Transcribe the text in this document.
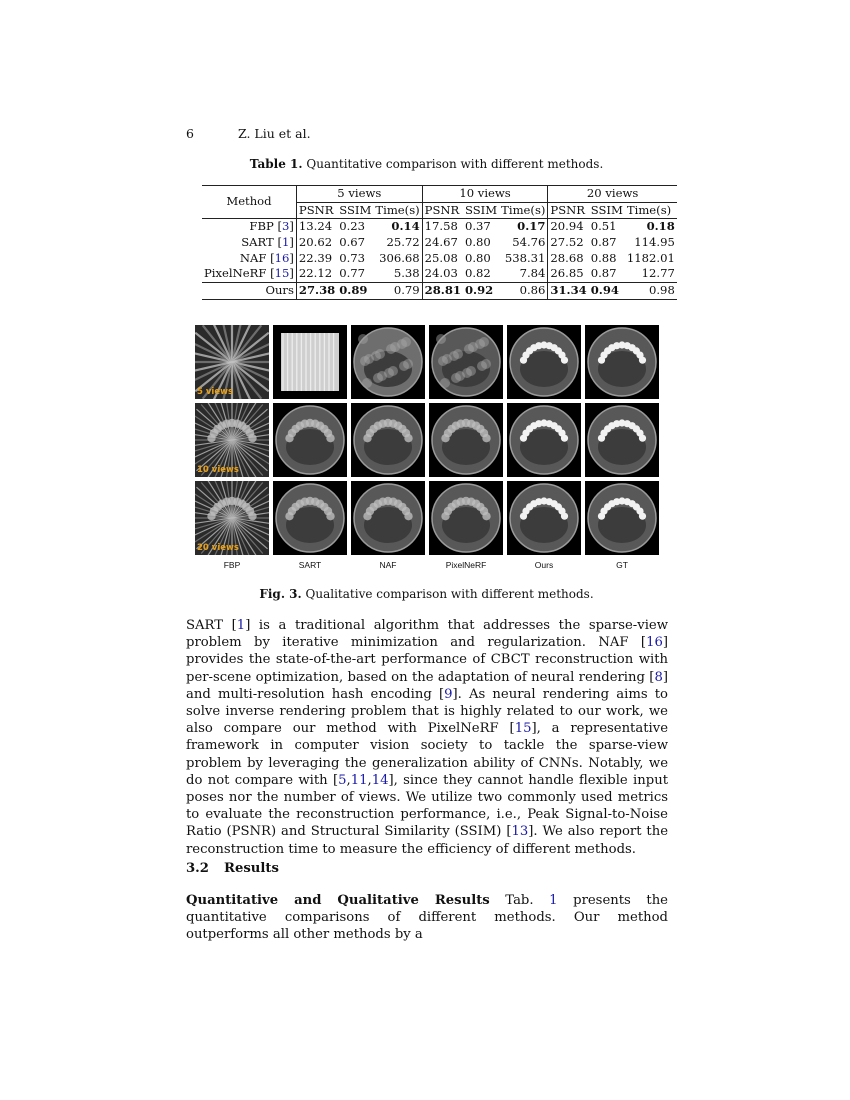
6	Z. Liu et al.
Table 1. Quantitative comparison with different methods.
Method	5 views			10 views			20 views		
	PSNR	SSIM	Time(s)	PSNR	SSIM	Time(s)	PSNR	SSIM	Time(s)
FBP [3]	13.24	0.23	0.14	17.58	0.37	0.17	20.94	0.51	0.18
SART [1]	20.62	0.67	25.72	24.67	0.80	54.76	27.52	0.87	114.95
NAF [16]	22.39	0.73	306.68	25.08	0.80	538.31	28.68	0.88	1182.01
PixelNeRF [15]	22.12	0.77	5.38	24.03	0.82	7.84	26.85	0.87	12.77
Ours	27.38	0.89	0.79	28.81	0.92	0.86	31.34	0.94	0.98
5 views
10 views
20 views
FBP	SART	NAF	PixelNeRF	Ours	GT
Fig. 3. Qualitative comparison with different methods.
SART [1] is a traditional algorithm that addresses the sparse-view problem by iterative minimization and regularization. NAF [16] provides the state-of-the-art performance of CBCT reconstruction with per-scene optimization, based on the adaptation of neural rendering [8] and multi-resolution hash encoding [9]. As neural rendering aims to solve inverse rendering problem that is highly related to our work, we also compare our method with PixelNeRF [15], a representative framework in computer vision society to tackle the sparse-view problem by leveraging the generalization ability of CNNs. Notably, we do not compare with [5,11,14], since they cannot handle flexible input poses nor the number of views. We utilize two commonly used metrics to evaluate the reconstruction performance, i.e., Peak Signal-to-Noise Ratio (PSNR) and Structural Similarity (SSIM) [13]. We also report the reconstruction time to measure the efficiency of different methods.
3.2 Results
Quantitative and Qualitative Results Tab. 1 presents the quantitative comparisons of different methods. Our method outperforms all other methods by a
